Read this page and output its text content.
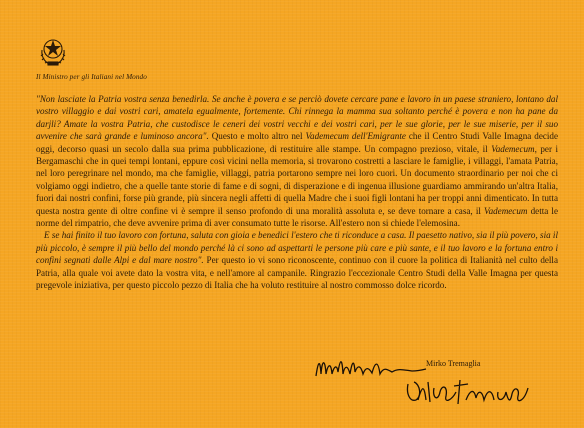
Il Ministro per gli Italiani nel Mondo

"Non lasciate la Patria vostra senza benedirla. Se anche è povera e se perciò dovete cercare pane e lavoro in un paese straniero, lontano dal vostro villaggio e dai vostri cari, amatela egualmente, fortemente. Chi rinnega la mamma sua soltanto perché è povera e non ha pane da darjli? Amate la vostra Patria, che custodisce le ceneri dei vostri vecchi e dei vostri cari, per le sue glorie, per le sue miserie, per il suo avvenire che sarà grande e luminoso ancora". Questo e molto altro nel Vademecum dell'Emigrante che il Centro Studi Valle Imagna decide oggi, decorso quasi un secolo dalla sua prima pubblicazione, di restituire alle stampe. Un compagno prezioso, vitale, il Vademecum, per i Bergamaschi che in quei tempi lontani, eppure così vicini nella memoria, si trovarono costretti a lasciare le famiglie, i villaggi, l'amata Patria, nel loro peregrinare nel mondo, ma che famiglie, villaggi, patria portarono sempre nei loro cuori. Un documento straordinario per noi che ci volgiamo oggi indietro, che a quelle tante storie di fame e di sogni, di disperazione e di ingenua illusione guardiamo ammirando un'altra Italia, fuori dai nostri confini, forse più grande, più sincera negli affetti di quella Madre che i suoi figli lontani ha per troppi anni dimenticato. In tutta questa nostra gente di oltre confine vi è sempre il senso profondo di una moralità assoluta e, se deve tornare a casa, il Vademecum detta le norme del rimpatrio, che deve avvenire prima di aver consumato tutte le risorse. All'estero non si chiede l'elemosina.

E se hai finito il tuo lavoro con fortuna, saluta con gioia e benedici l'estero che ti riconduce a casa. Il paesetto nativo, sia il più povero, sia il più piccolo, è sempre il più bello del mondo perché là ci sono ad aspettarti le persone più care e più sante, e il tuo lavoro e la fortuna entro i confini segnati dalle Alpi e dal mare nostro". Per questo io vi sono riconoscente, continuo con il cuore la politica di Italianità nel culto della Patria, alla quale voi avete dato la vostra vita, e nell'amore al campanile. Ringrazio l'eccezionale Centro Studi della Valle Imagna per questa pregevole iniziativa, per questo piccolo pezzo di Italia che ha voluto restituire al nostro commosso dolce ricordo.

Mirko Tremaglia
